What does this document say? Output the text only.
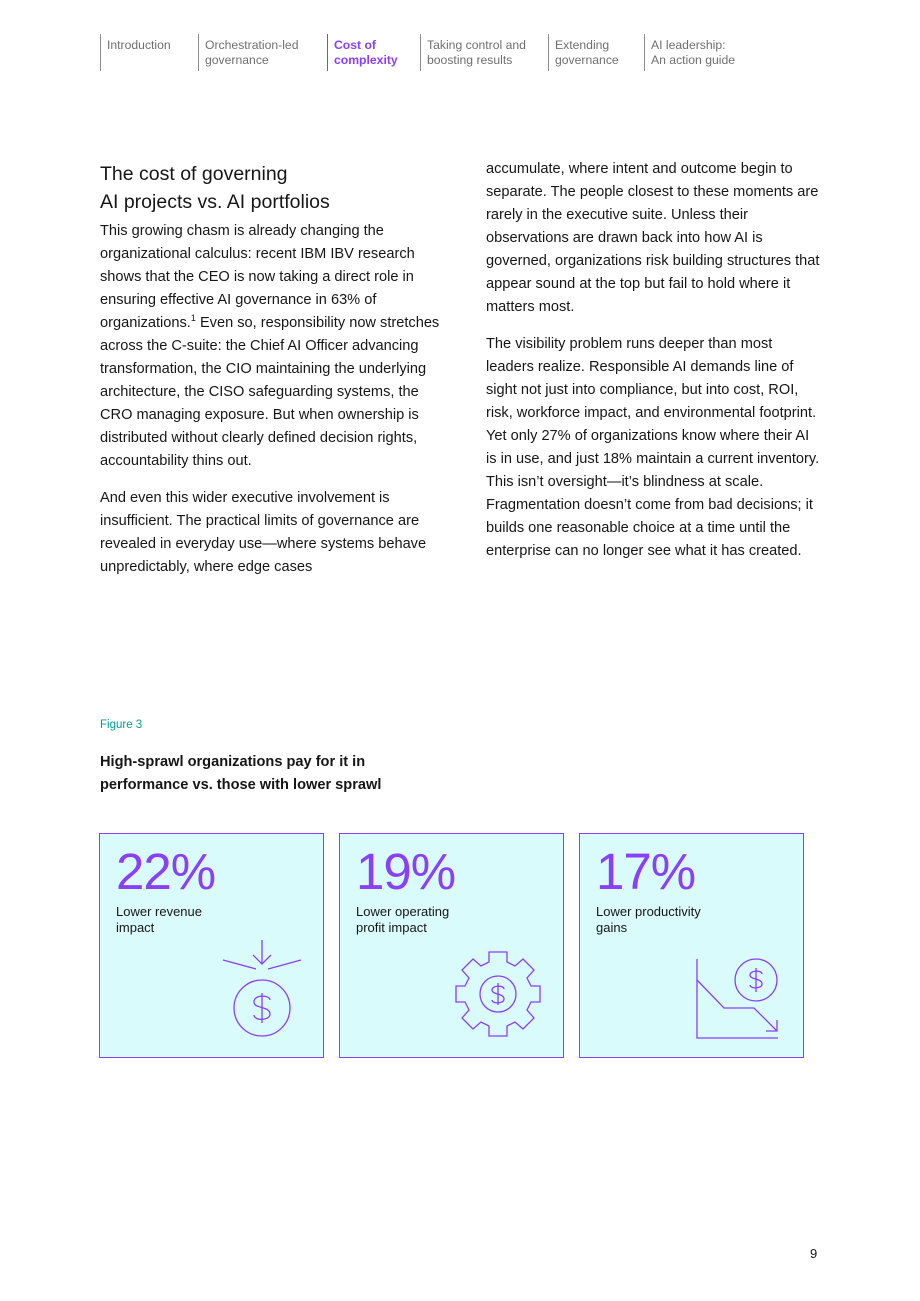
Introduction	Orchestration-led
governance
Cost of
complexity
Taking control and
boosting results
Extending
governance
AI leadership:
An action guide
The cost of governing
AI projects vs. AI portfolios

This growing chasm is already changing the organizational calculus: recent IBM IBV research shows that the CEO is now taking a direct role in ensuring effective AI governance in 63% of organizations.$^1$ Even so, responsibility now stretches across the C-suite: the Chief AI Officer advancing transformation, the CIO maintaining the underlying architecture, the CISO safeguarding systems, the CRO managing exposure. But when ownership is distributed without clearly defined decision rights, accountability thins out.

And even this wider executive involvement is insufficient. The practical limits of governance are revealed in everyday use—where systems behave unpredictably, where edge cases

accumulate, where intent and outcome begin to separate. The people closest to these moments are rarely in the executive suite. Unless their observations are drawn back into how AI is governed, organizations risk building structures that appear sound at the top but fail to hold where it matters most.

The visibility problem runs deeper than most leaders realize. Responsible AI demands line of sight not just into compliance, but into cost, ROI, risk, workforce impact, and environmental footprint. Yet only 27% of organizations know where their AI is in use, and just 18% maintain a current inventory. This isn’t oversight—it’s blindness at scale. Fragmentation doesn’t come from bad decisions; it builds one reasonable choice at a time until the enterprise can no longer see what it has created.

Figure 3
High-sprawl organizations pay for it in performance vs. those with lower sprawl
22%
Lower revenue
impact
19%
Lower operating
profit impact
17%
Lower productivity
gains
9
